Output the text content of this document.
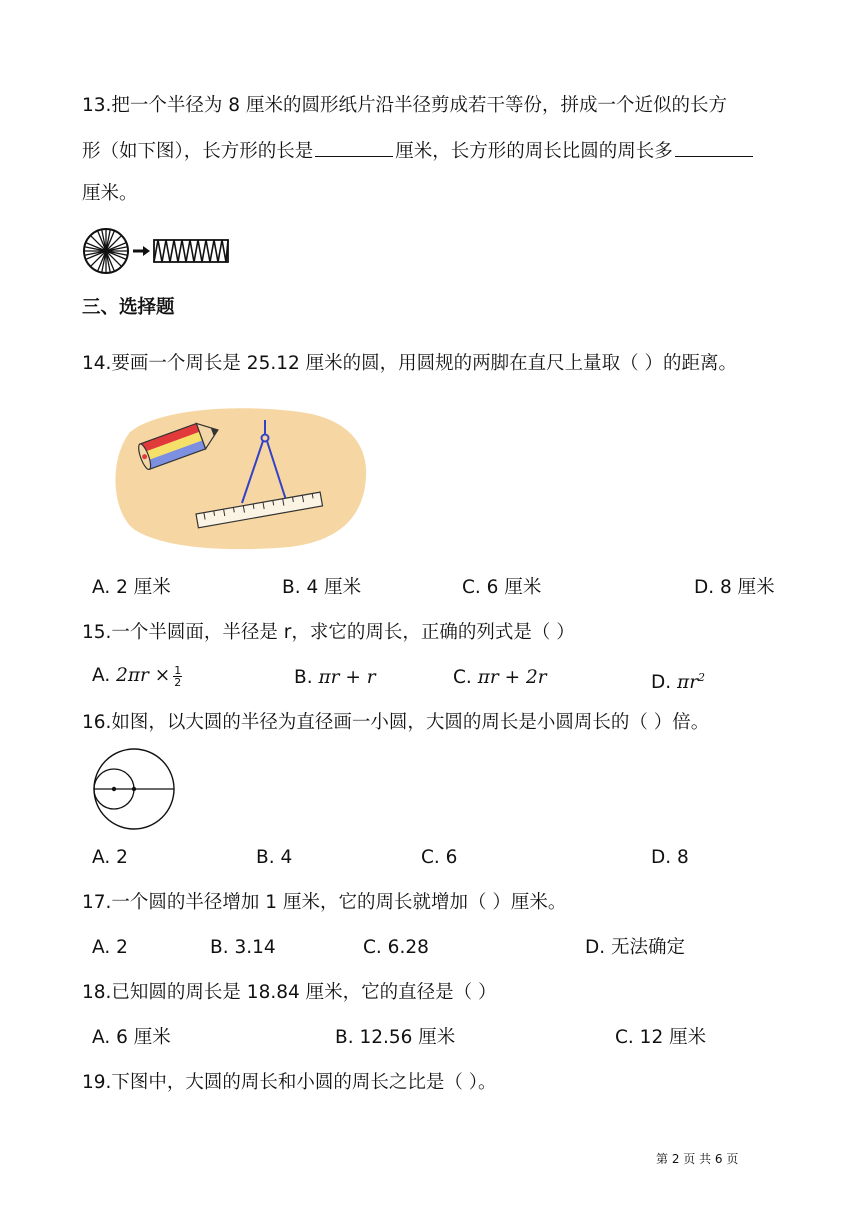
13.把一个半径为 8 厘米的圆形纸片沿半径剪成若干等份，拼成一个近似的长方
形（如下图），长方形的长是	厘米，长方形的周长比圆的周长多
厘米。
三、选择题
14.要画一个周长是 25.12 厘米的圆，用圆规的两脚在直尺上量取（ ）的距离。
A. 2 厘米	B. 4 厘米	C. 6 厘米	D. 8 厘米
15.一个半圆面，半径是 r，求它的周长，正确的列式是（ ）
A. $2\pi r \times \frac{1}{2}$	B. πr + r	C. πr + 2r	D. $\pi r^2$
16.如图，以大圆的半径为直径画一小圆，大圆的周长是小圆周长的（ ）倍。
A. 2	B. 4	C. 6	D. 8
17.一个圆的半径增加 1 厘米，它的周长就增加（ ）厘米。
A. 2	B. 3.14	C. 6.28	D. 无法确定
18.已知圆的周长是 18.84 厘米，它的直径是（ ）
A. 6 厘米	B. 12.56 厘米	C. 12 厘米
19.下图中，大圆的周长和小圆的周长之比是（ ）。
第 2 页 共 6 页
